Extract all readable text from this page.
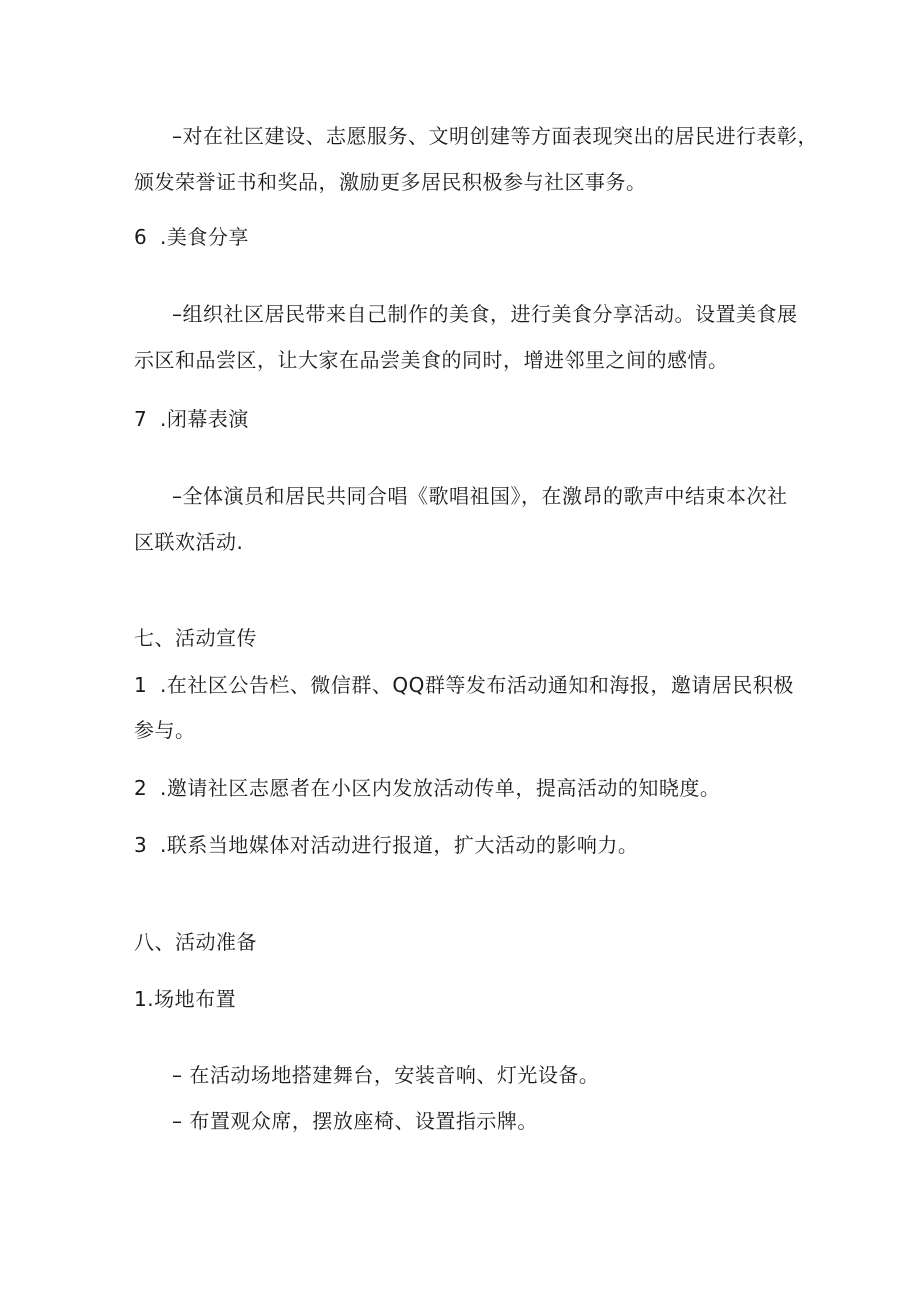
–对在社区建设、志愿服务、文明创建等方面表现突出的居民进行表彰，
颁发荣誉证书和奖品，激励更多居民积极参与社区事务。
6 .美食分享
–组织社区居民带来自己制作的美食，进行美食分享活动。设置美食展
示区和品尝区，让大家在品尝美食的同时，增进邻里之间的感情。
7 .闭幕表演
–全体演员和居民共同合唱《歌唱祖国》，在激昂的歌声中结束本次社
区联欢活动.
七、活动宣传
1 .在社区公告栏、微信群、QQ群等发布活动通知和海报，邀请居民积极
参与。
2 .邀请社区志愿者在小区内发放活动传单，提高活动的知晓度。
3 .联系当地媒体对活动进行报道，扩大活动的影响力。
八、活动准备
1.场地布置
– 在活动场地搭建舞台，安装音响、灯光设备。
– 布置观众席，摆放座椅、设置指示牌。
